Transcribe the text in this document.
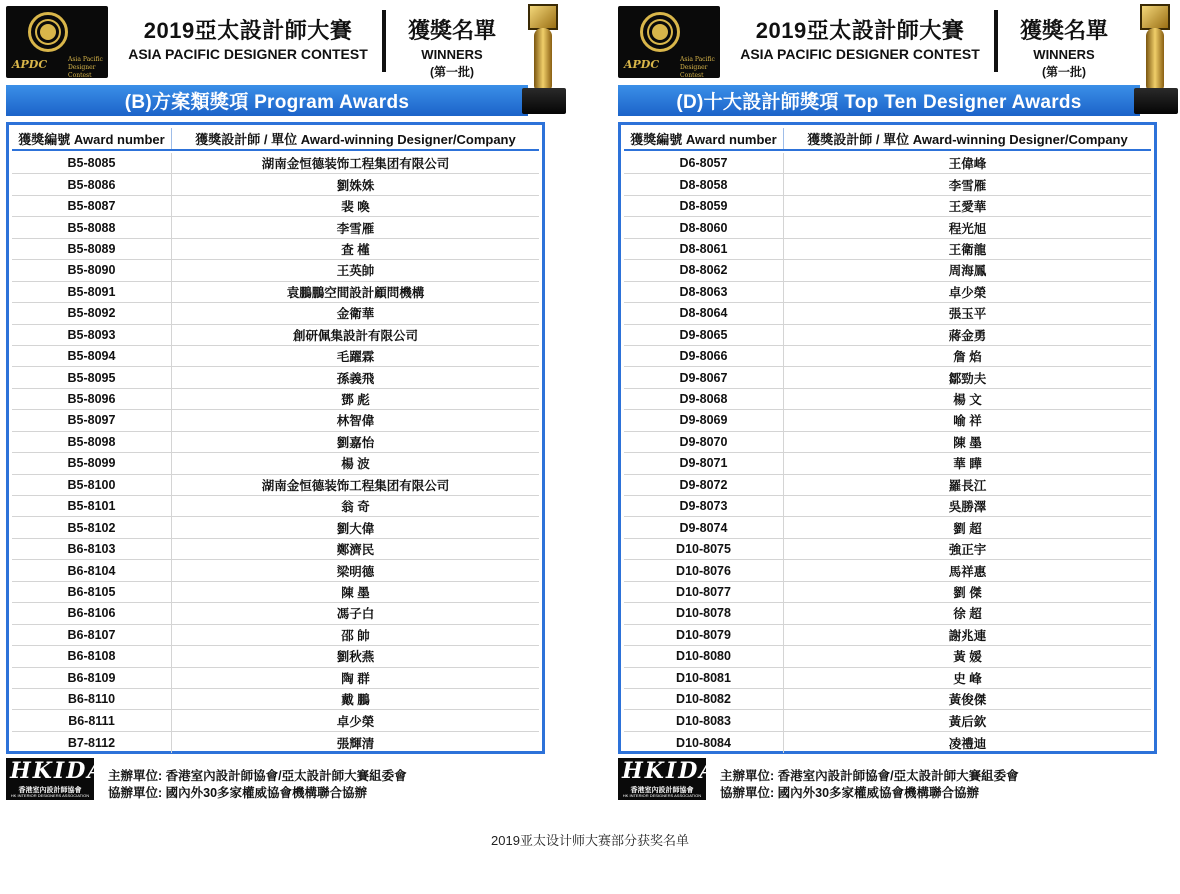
APDC	Asia Pacific Designer Contest
2019亞太設計師大賽
ASIA PACIFIC DESIGNER CONTEST
獲獎名單
WINNERS
(第一批)
(B)方案類獎項 Program Awards
獲獎編號 Award number	獲獎設計師 / 單位 Award-winning Designer/Company
B5-8085	湖南金恒德装饰工程集团有限公司
B5-8086	劉姝姝
B5-8087	裴 喚
B5-8088	李雪雁
B5-8089	查 槿
B5-8090	王英帥
B5-8091	袁鵬鵬空間設計顧問機構
B5-8092	金衛華
B5-8093	創研佩集設計有限公司
B5-8094	毛躍霖
B5-8095	孫義飛
B5-8096	鄧 彪
B5-8097	林智偉
B5-8098	劉嘉怡
B5-8099	楊 波
B5-8100	湖南金恒德装饰工程集团有限公司
B5-8101	翁 奇
B5-8102	劉大偉
B6-8103	鄭濟民
B6-8104	梁明德
B6-8105	陳 墨
B6-8106	馮子白
B6-8107	邵 帥
B6-8108	劉秋燕
B6-8109	陶 群
B6-8110	戴 鵬
B6-8111	卓少榮
B7-8112	張輝清
HKIDA
香港室內設計師協會
HK INTERIOR DESIGNERS ASSOCIATION
主辦單位: 香港室內設計師協會/亞太設計師大賽組委會
協辦單位: 國內外30多家權威協會機構聯合協辦
APDC	Asia Pacific Designer Contest
2019亞太設計師大賽
ASIA PACIFIC DESIGNER CONTEST
獲獎名單
WINNERS
(第一批)
(D)十大設計師獎項 Top Ten Designer Awards
獲獎編號 Award number	獲獎設計師 / 單位 Award-winning Designer/Company
D6-8057	王偉峰
D8-8058	李雪雁
D8-8059	王愛華
D8-8060	程光旭
D8-8061	王衛龍
D8-8062	周海鳳
D8-8063	卓少榮
D8-8064	張玉平
D9-8065	蔣金勇
D9-8066	詹 焰
D9-8067	鄒勁夫
D9-8068	楊 文
D9-8069	喻 祥
D9-8070	陳 墨
D9-8071	華 瞱
D9-8072	羅長江
D9-8073	吳勝澤
D9-8074	劉 超
D10-8075	強正宇
D10-8076	馬祥惠
D10-8077	劉 傑
D10-8078	徐 超
D10-8079	謝兆連
D10-8080	黃 媛
D10-8081	史 峰
D10-8082	黃俊傑
D10-8083	黃后欽
D10-8084	凌禮迪
HKIDA
香港室內設計師協會
HK INTERIOR DESIGNERS ASSOCIATION
主辦單位: 香港室內設計師協會/亞太設計師大賽組委會
協辦單位: 國內外30多家權威協會機構聯合協辦
2019亚太设计师大赛部分获奖名单
